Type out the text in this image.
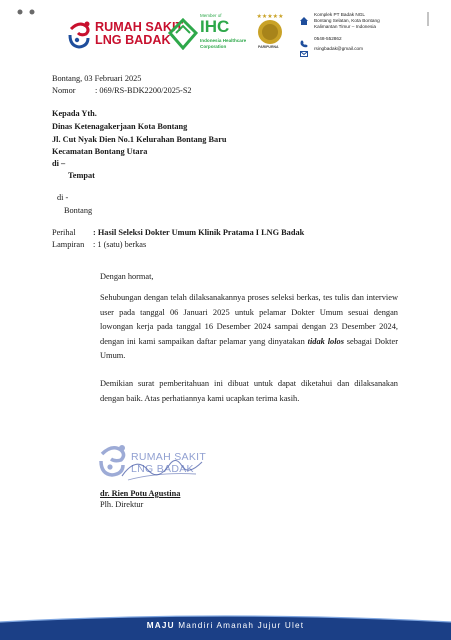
RUMAH SAKIT
LNG BADAK
Member of
IHC
Indonesia Healthcare
Corporation
★★★★★
PARIPURNA
Komplek PT Badak NGL
Bontang Selatan, Kota Bontang
Kalimantan Timur – Indonesia
0548-552862
rsingbadak@gmail.com
Bontang, 03 Februari 2025
Nomor : 069/RS-BDK2200/2025-S2
Kepada Yth.
Dinas Ketenagakerjaan Kota Bontang
Jl. Cut Nyak Dien No.1 Kelurahan Bontang Baru
Kecamatan Bontang Utara
di –
Tempat
di -
Bontang
Perihal : Hasil Seleksi Dokter Umum Klinik Pratama I LNG Badak
Lampiran : 1 (satu) berkas
Dengan hormat,
Sehubungan dengan telah dilaksanakannya proses seleksi berkas, tes tulis dan interview user pada tanggal 06 Januari 2025 untuk pelamar Dokter Umum sesuai dengan lowongan kerja pada tanggal 16 Desember 2024 sampai dengan 23 Desember 2024, dengan ini kami sampaikan daftar pelamar yang dinyatakan tidak lolos sebagai Dokter Umum.
Demikian surat pemberitahuan ini dibuat untuk dapat diketahui dan dilaksanakan dengan baik. Atas perhatiannya kami ucapkan terima kasih.
RUMAH SAKIT
LNG BADAK
dr. Rien Potu Agustina
Plh. Direktur
MAJU Mandiri Amanah Jujur Ulet
